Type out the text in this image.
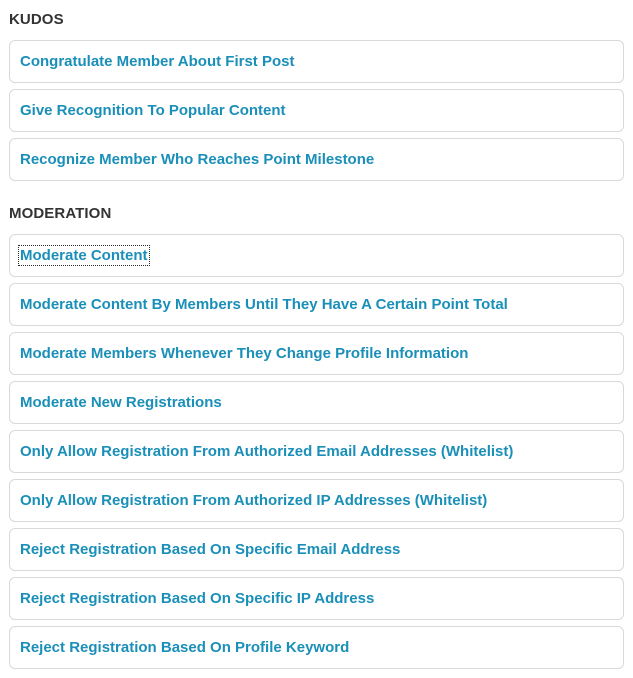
KUDOS
Congratulate Member About First Post
Give Recognition To Popular Content
Recognize Member Who Reaches Point Milestone
MODERATION
Moderate Content
Moderate Content By Members Until They Have A Certain Point Total
Moderate Members Whenever They Change Profile Information
Moderate New Registrations
Only Allow Registration From Authorized Email Addresses (Whitelist)
Only Allow Registration From Authorized IP Addresses (Whitelist)
Reject Registration Based On Specific Email Address
Reject Registration Based On Specific IP Address
Reject Registration Based On Profile Keyword
